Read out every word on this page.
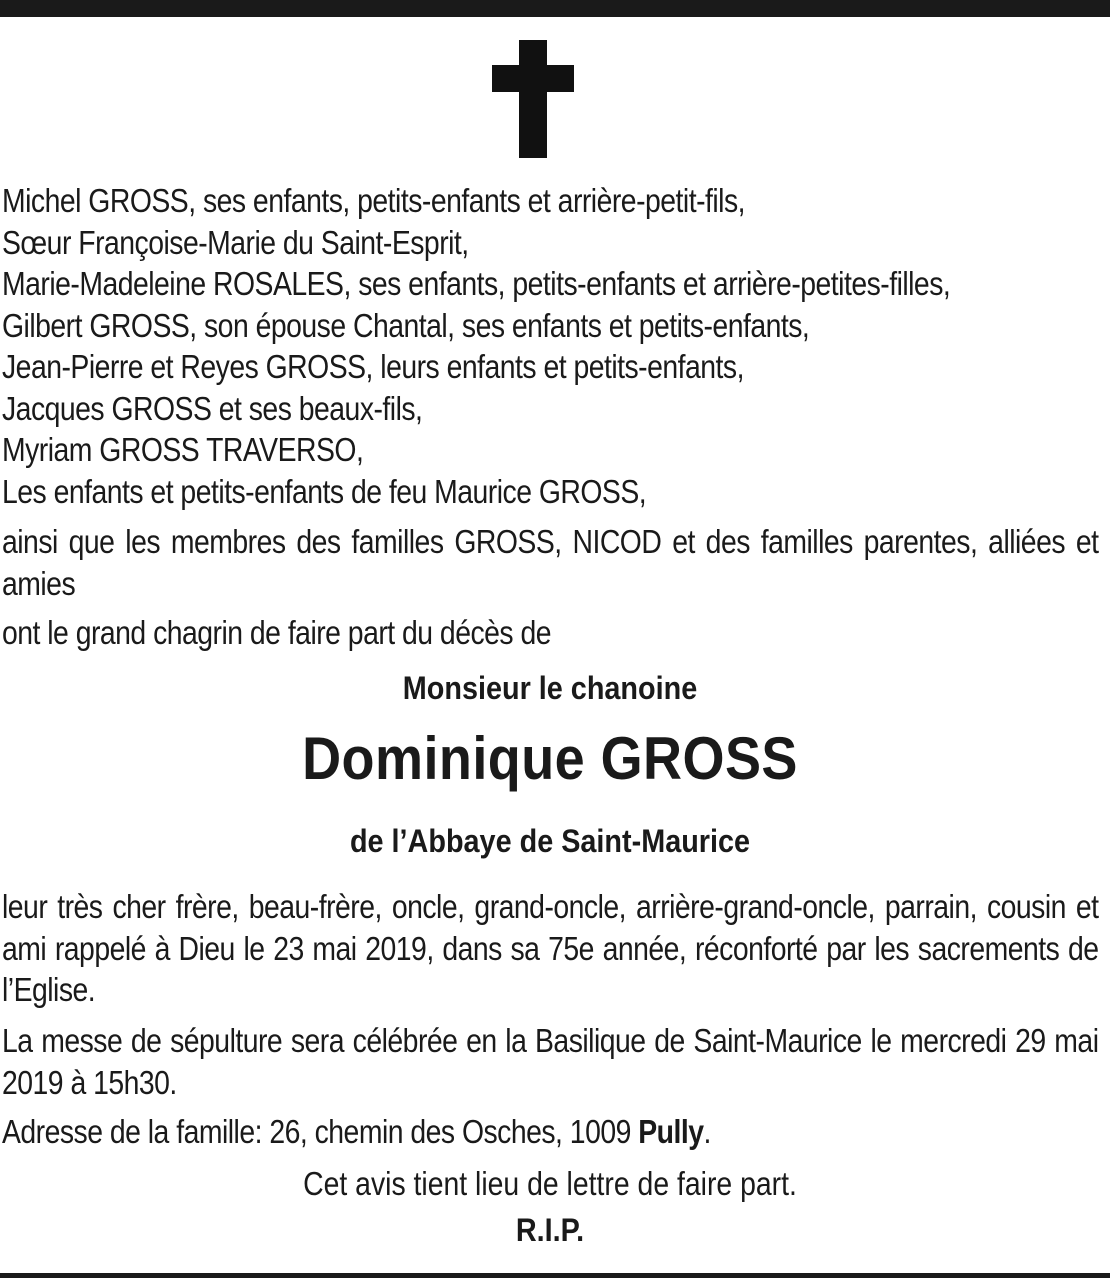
Michel GROSS, ses enfants, petits-enfants et arrière-petit-fils,

Sœur Françoise-Marie du Saint-Esprit,

Marie-Madeleine ROSALES, ses enfants, petits-enfants et arrière-petites-filles,

Gilbert GROSS, son épouse Chantal, ses enfants et petits-enfants,

Jean-Pierre et Reyes GROSS, leurs enfants et petits-enfants,

Jacques GROSS et ses beaux-fils,

Myriam GROSS TRAVERSO,

Les enfants et petits-enfants de feu Maurice GROSS,

ainsi que les membres des familles GROSS, NICOD et des familles parentes, alliées et amies

ont le grand chagrin de faire part du décès de

Monsieur le chanoine

Dominique GROSS

de l’Abbaye de Saint-Maurice

leur très cher frère, beau-frère, oncle, grand-oncle, arrière-grand-oncle, parrain, cousin et ami rappelé à Dieu le 23 mai 2019, dans sa 75e année, réconforté par les sacrements de l’Eglise.

La messe de sépulture sera célébrée en la Basilique de Saint-Maurice le mercredi 29 mai 2019 à 15h30.

Adresse de la famille: 26, chemin des Osches, 1009 Pully.

Cet avis tient lieu de lettre de faire part.

R.I.P.
